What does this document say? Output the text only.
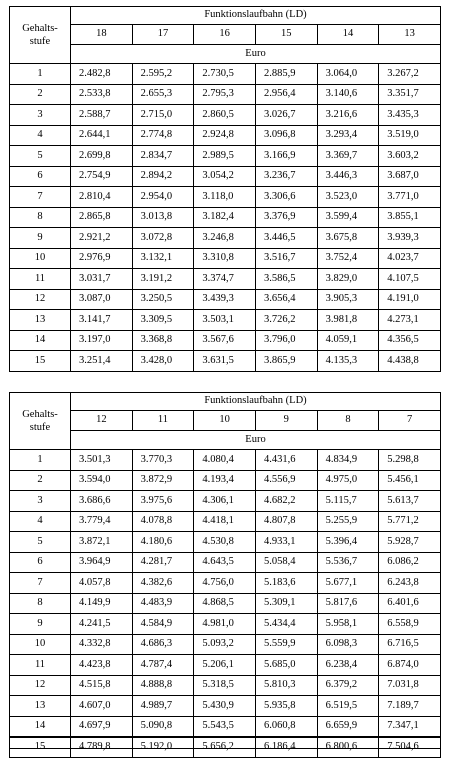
Gehalts-
stufe	Funktionslaufbahn (LD)					
	18	17	16	15	14	13
	Euro					
1	2.482,8	2.595,2	2.730,5	2.885,9	3.064,0	3.267,2
2	2.533,8	2.655,3	2.795,3	2.956,4	3.140,6	3.351,7
3	2.588,7	2.715,0	2.860,5	3.026,7	3.216,6	3.435,3
4	2.644,1	2.774,8	2.924,8	3.096,8	3.293,4	3.519,0
5	2.699,8	2.834,7	2.989,5	3.166,9	3.369,7	3.603,2
6	2.754,9	2.894,2	3.054,2	3.236,7	3.446,3	3.687,0
7	2.810,4	2.954,0	3.118,0	3.306,6	3.523,0	3.771,0
8	2.865,8	3.013,8	3.182,4	3.376,9	3.599,4	3.855,1
9	2.921,2	3.072,8	3.246,8	3.446,5	3.675,8	3.939,3
10	2.976,9	3.132,1	3.310,8	3.516,7	3.752,4	4.023,7
11	3.031,7	3.191,2	3.374,7	3.586,5	3.829,0	4.107,5
12	3.087,0	3.250,5	3.439,3	3.656,4	3.905,3	4.191,0
13	3.141,7	3.309,5	3.503,1	3.726,2	3.981,8	4.273,1
14	3.197,0	3.368,8	3.567,6	3.796,0	4.059,1	4.356,5
15	3.251,4	3.428,0	3.631,5	3.865,9	4.135,3	4.438,8
Gehalts-
stufe	Funktionslaufbahn (LD)					
	12	11	10	9	8	7
	Euro					
1	3.501,3	3.770,3	4.080,4	4.431,6	4.834,9	5.298,8
2	3.594,0	3.872,9	4.193,4	4.556,9	4.975,0	5.456,1
3	3.686,6	3.975,6	4.306,1	4.682,2	5.115,7	5.613,7
4	3.779,4	4.078,8	4.418,1	4.807,8	5.255,9	5.771,2
5	3.872,1	4.180,6	4.530,8	4.933,1	5.396,4	5.928,7
6	3.964,9	4.281,7	4.643,5	5.058,4	5.536,7	6.086,2
7	4.057,8	4.382,6	4.756,0	5.183,6	5.677,1	6.243,8
8	4.149,9	4.483,9	4.868,5	5.309,1	5.817,6	6.401,6
9	4.241,5	4.584,9	4.981,0	5.434,4	5.958,1	6.558,9
10	4.332,8	4.686,3	5.093,2	5.559,9	6.098,3	6.716,5
11	4.423,8	4.787,4	5.206,1	5.685,0	6.238,4	6.874,0
12	4.515,8	4.888,8	5.318,5	5.810,3	6.379,2	7.031,8
13	4.607,0	4.989,7	5.430,9	5.935,8	6.519,5	7.189,7
14	4.697,9	5.090,8	5.543,5	6.060,8	6.659,9	7.347,1
15	4.789,8	5.192,0	5.656,2	6.186,4	6.800,6	7.504,6
